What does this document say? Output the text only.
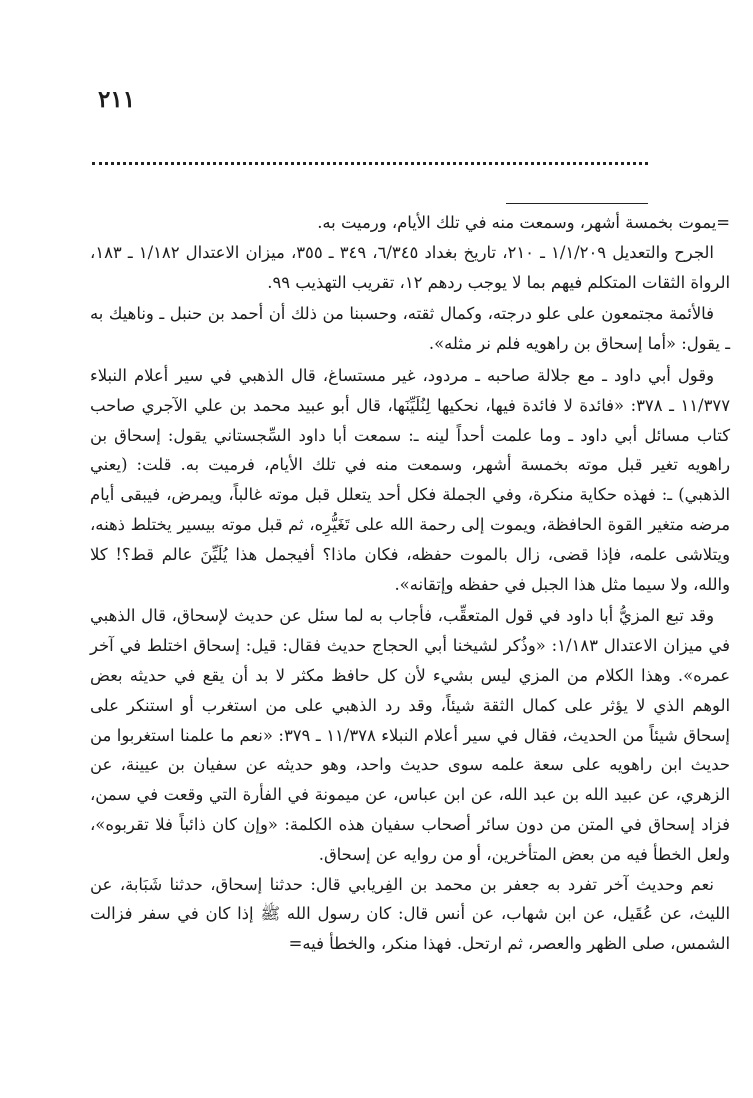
٢١١

=يموت بخمسة أشهر، وسمعت منه في تلك الأيام، ورميت به.

الجرح والتعديل ١/١/٢٠٩ ـ ٢١٠، تاريخ بغداد ٦/٣٤٥، ٣٤٩ ـ ٣٥٥، ميزان الاعتدال ١/١٨٢ ـ ١٨٣، الرواة الثقات المتكلم فيهم بما لا يوجب ردهم ١٢، تقريب التهذيب ٩٩.

فالأئمة مجتمعون على علو درجته، وكمال ثقته، وحسبنا من ذلك أن أحمد بن حنبل ـ وناهيك به ـ يقول: «أما إسحاق بن راهويه فلم نر مثله».

وقول أبي داود ـ مع جلالة صاحبه ـ مردود، غير مستساغ، قال الذهبي في سير أعلام النبلاء ١١/٣٧٧ ـ ٣٧٨: «فائدة لا فائدة فيها، نحكيها لِنُلَيِّنَها، قال أبو عبيد محمد بن علي الآجري صاحب كتاب مسائل أبي داود ـ وما علمت أحداً لينه ـ: سمعت أبا داود السِّجستاني يقول: إسحاق بن راهويه تغير قبل موته بخمسة أشهر، وسمعت منه في تلك الأيام، فرميت به. قلت: (يعني الذهبي) ـ: فهذه حكاية منكرة، وفي الجملة فكل أحد يتعلل قبل موته غالباً، ويمرض، فيبقى أيام مرضه متغير القوة الحافظة، ويموت إلى رحمة الله على تَغَيُّرِه، ثم قبل موته بيسير يختلط ذهنه، ويتلاشى علمه، فإذا قضى، زال بالموت حفظه، فكان ماذا؟ أفيجمل هذا يُلَيِّنَ عالم قط؟! كلا والله، ولا سيما مثل هذا الجبل في حفظه وإتقانه».

وقد تبع المزيُّ أبا داود في قول المتعقِّب، فأجاب به لما سئل عن حديث لإسحاق، قال الذهبي في ميزان الاعتدال ١/١٨٣: «وذُكر لشيخنا أبي الحجاج حديث فقال: قيل: إسحاق اختلط في آخر عمره». وهذا الكلام من المزي ليس بشيء لأن كل حافظ مكثر لا بد أن يقع في حديثه بعض الوهم الذي لا يؤثر على كمال الثقة شيئاً، وقد رد الذهبي على من استغرب أو استنكر على إسحاق شيئاً من الحديث، فقال في سير أعلام النبلاء ١١/٣٧٨ ـ ٣٧٩: «نعم ما علمنا استغربوا من حديث ابن راهويه على سعة علمه سوى حديث واحد، وهو حديثه عن سفيان بن عيينة، عن الزهري، عن عبيد الله بن عبد الله، عن ابن عباس، عن ميمونة في الفأرة التي وقعت في سمن، فزاد إسحاق في المتن من دون سائر أصحاب سفيان هذه الكلمة: «وإن كان ذائباً فلا تقربوه»، ولعل الخطأ فيه من بعض المتأخرين، أو من روايه عن إسحاق.

نعم وحديث آخر تفرد به جعفر بن محمد بن الفِريابي قال: حدثنا إسحاق، حدثنا شَبَابة، عن الليث، عن عُقَيل، عن ابن شهاب، عن أنس قال: كان رسول الله ﷺ إذا كان في سفر فزالت الشمس، صلى الظهر والعصر، ثم ارتحل. فهذا منكر، والخطأ فيه=
